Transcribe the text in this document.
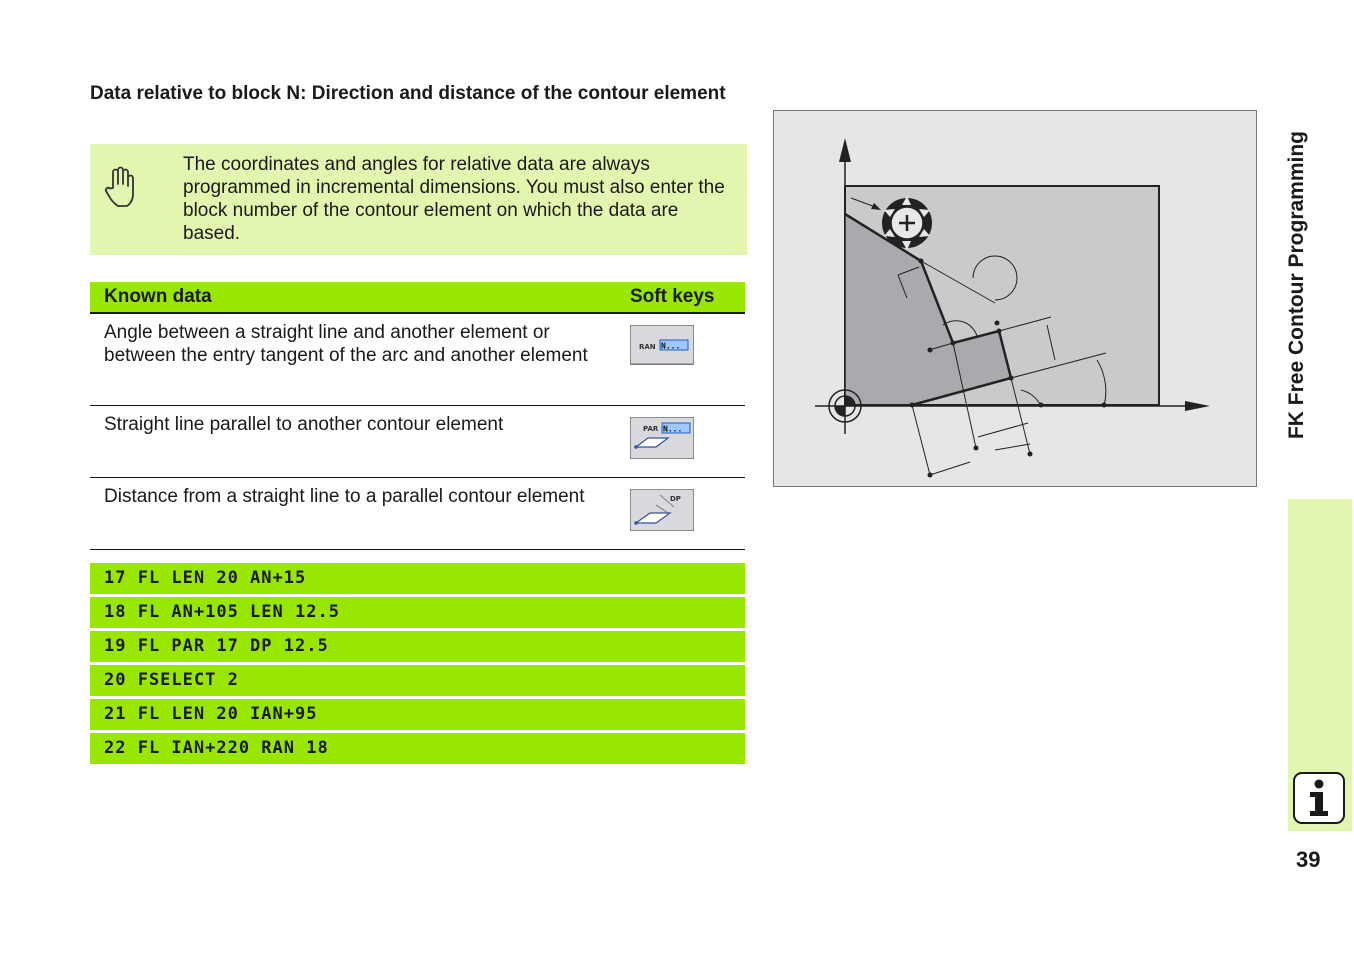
Data relative to block N: Direction and distance of the contour element
The coordinates and angles for relative data are always programmed in incremental dimensions. You must also enter the block number of the contour element on which the data are based.
Known data	Soft keys
Angle between a straight line and another element or between the entry tangent of the arc and another element	RAN N...

Straight line parallel to another contour element	PAR N...

Distance from a straight line to a parallel contour element	DP
17 FL LEN 20 AN+15
18 FL AN+105 LEN 12.5
19 FL PAR 17 DP 12.5
20 FSELECT 2
21 FL LEN 20 IAN+95
22 FL IAN+220 RAN 18
FK Free Contour Programming
39
